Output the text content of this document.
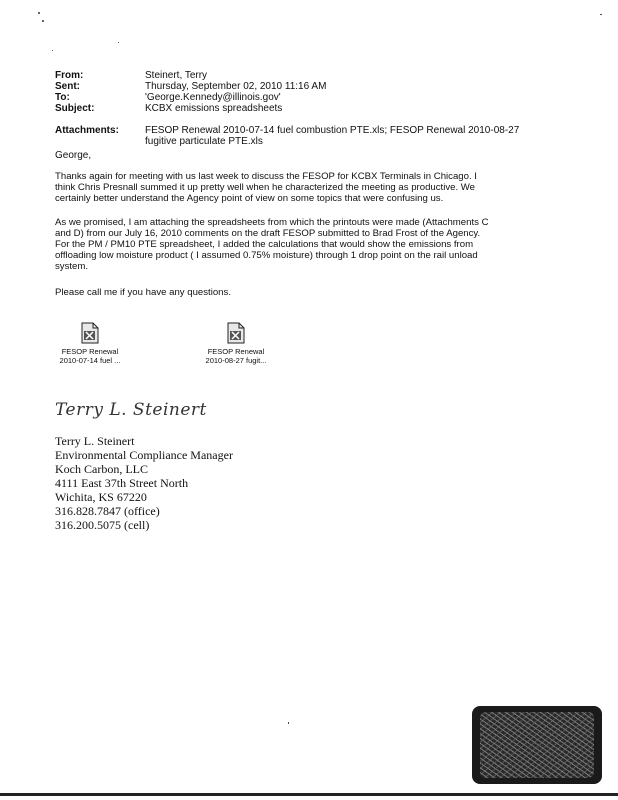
From:	Steinert, Terry
Sent:	Thursday, September 02, 2010 11:16 AM
To:	'George.Kennedy@illinois.gov'
Subject:	KCBX emissions spreadsheets
Attachments:	FESOP Renewal 2010-07-14 fuel combustion PTE.xls; FESOP Renewal 2010-08-27
fugitive particulate PTE.xls
George,
Thanks again for meeting with us last week to discuss the FESOP for KCBX Terminals in Chicago. I
think Chris Presnall summed it up pretty well when he characterized the meeting as productive. We
certainly better understand the Agency point of view on some topics that were confusing us.
As we promised, I am attaching the spreadsheets from which the printouts were made (Attachments C
and D) from our July 16, 2010 comments on the draft FESOP submitted to Brad Frost of the Agency.
For the PM / PM10 PTE spreadsheet, I added the calculations that would show the emissions from
offloading low moisture product ( I assumed 0.75% moisture) through 1 drop point on the rail unload
system.
Please call me if you have any questions.
FESOP Renewal
2010-07-14 fuel ...
FESOP Renewal
2010-08-27 fugit...
Terry L. Steinert
Terry L. Steinert
Environmental Compliance Manager
Koch Carbon, LLC
4111 East 37th Street North
Wichita, KS 67220
316.828.7847 (office)
316.200.5075 (cell)
